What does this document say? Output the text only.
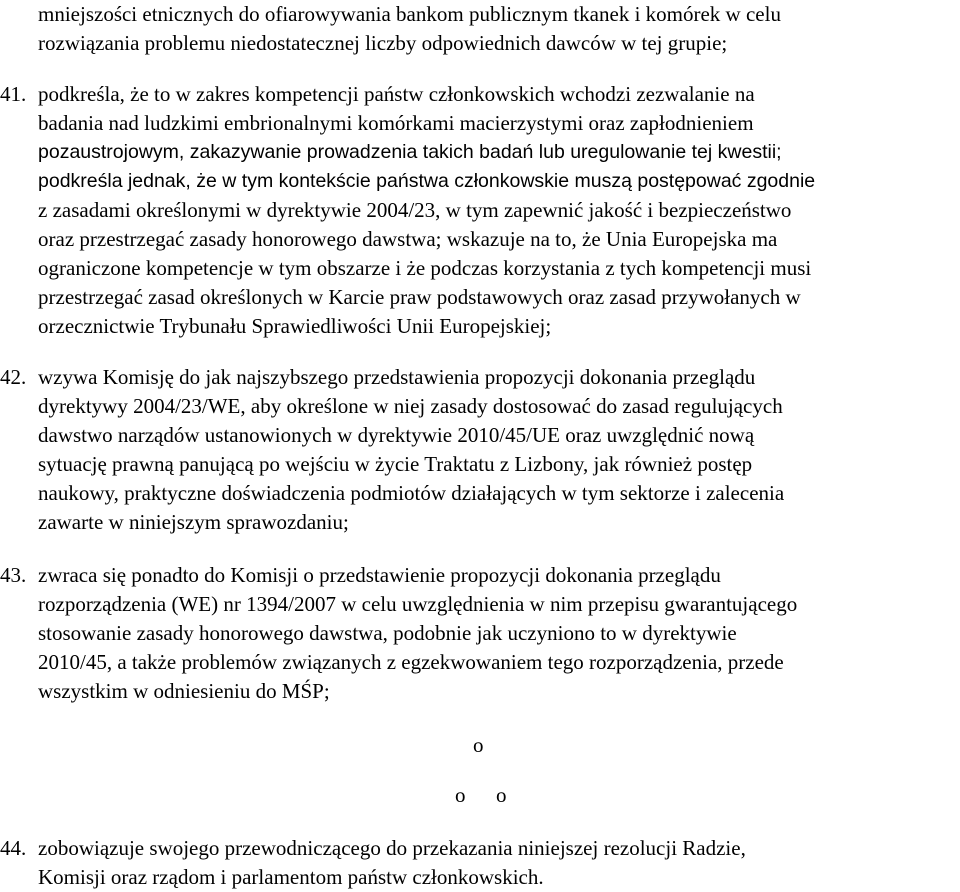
mniejszości etnicznych do ofiarowywania bankom publicznym tkanek i komórek w celu
rozwiązania problemu niedostatecznej liczby odpowiednich dawców w tej grupie;
41. podkreśla, że to w zakres kompetencji państw członkowskich wchodzi zezwalanie na
badania nad ludzkimi embrionalnymi komórkami macierzystymi oraz zapłodnieniem
pozaustrojowym, zakazywanie prowadzenia takich badań lub uregulowanie tej kwestii;
podkreśla jednak, że w tym kontekście państwa członkowskie muszą postępować zgodnie
z zasadami określonymi w dyrektywie 2004/23, w tym zapewnić jakość i bezpieczeństwo
oraz przestrzegać zasady honorowego dawstwa; wskazuje na to, że Unia Europejska ma
ograniczone kompetencje w tym obszarze i że podczas korzystania z tych kompetencji musi
przestrzegać zasad określonych w Karcie praw podstawowych oraz zasad przywołanych w
orzecznictwie Trybunału Sprawiedliwości Unii Europejskiej;
42. wzywa Komisję do jak najszybszego przedstawienia propozycji dokonania przeglądu
dyrektywy 2004/23/WE, aby określone w niej zasady dostosować do zasad regulujących
dawstwo narządów ustanowionych w dyrektywie 2010/45/UE oraz uwzględnić nową
sytuację prawną panującą po wejściu w życie Traktatu z Lizbony, jak również postęp
naukowy, praktyczne doświadczenia podmiotów działających w tym sektorze i zalecenia
zawarte w niniejszym sprawozdaniu;
43. zwraca się ponadto do Komisji o przedstawienie propozycji dokonania przeglądu
rozporządzenia (WE) nr 1394/2007 w celu uwzględnienia w nim przepisu gwarantującego
stosowanie zasady honorowego dawstwa, podobnie jak uczyniono to w dyrektywie
2010/45, a także problemów związanych z egzekwowaniem tego rozporządzenia, przede
wszystkim w odniesieniu do MŚP;
o
o o
44. zobowiązuje swojego przewodniczącego do przekazania niniejszej rezolucji Radzie,
Komisji oraz rządom i parlamentom państw członkowskich.
